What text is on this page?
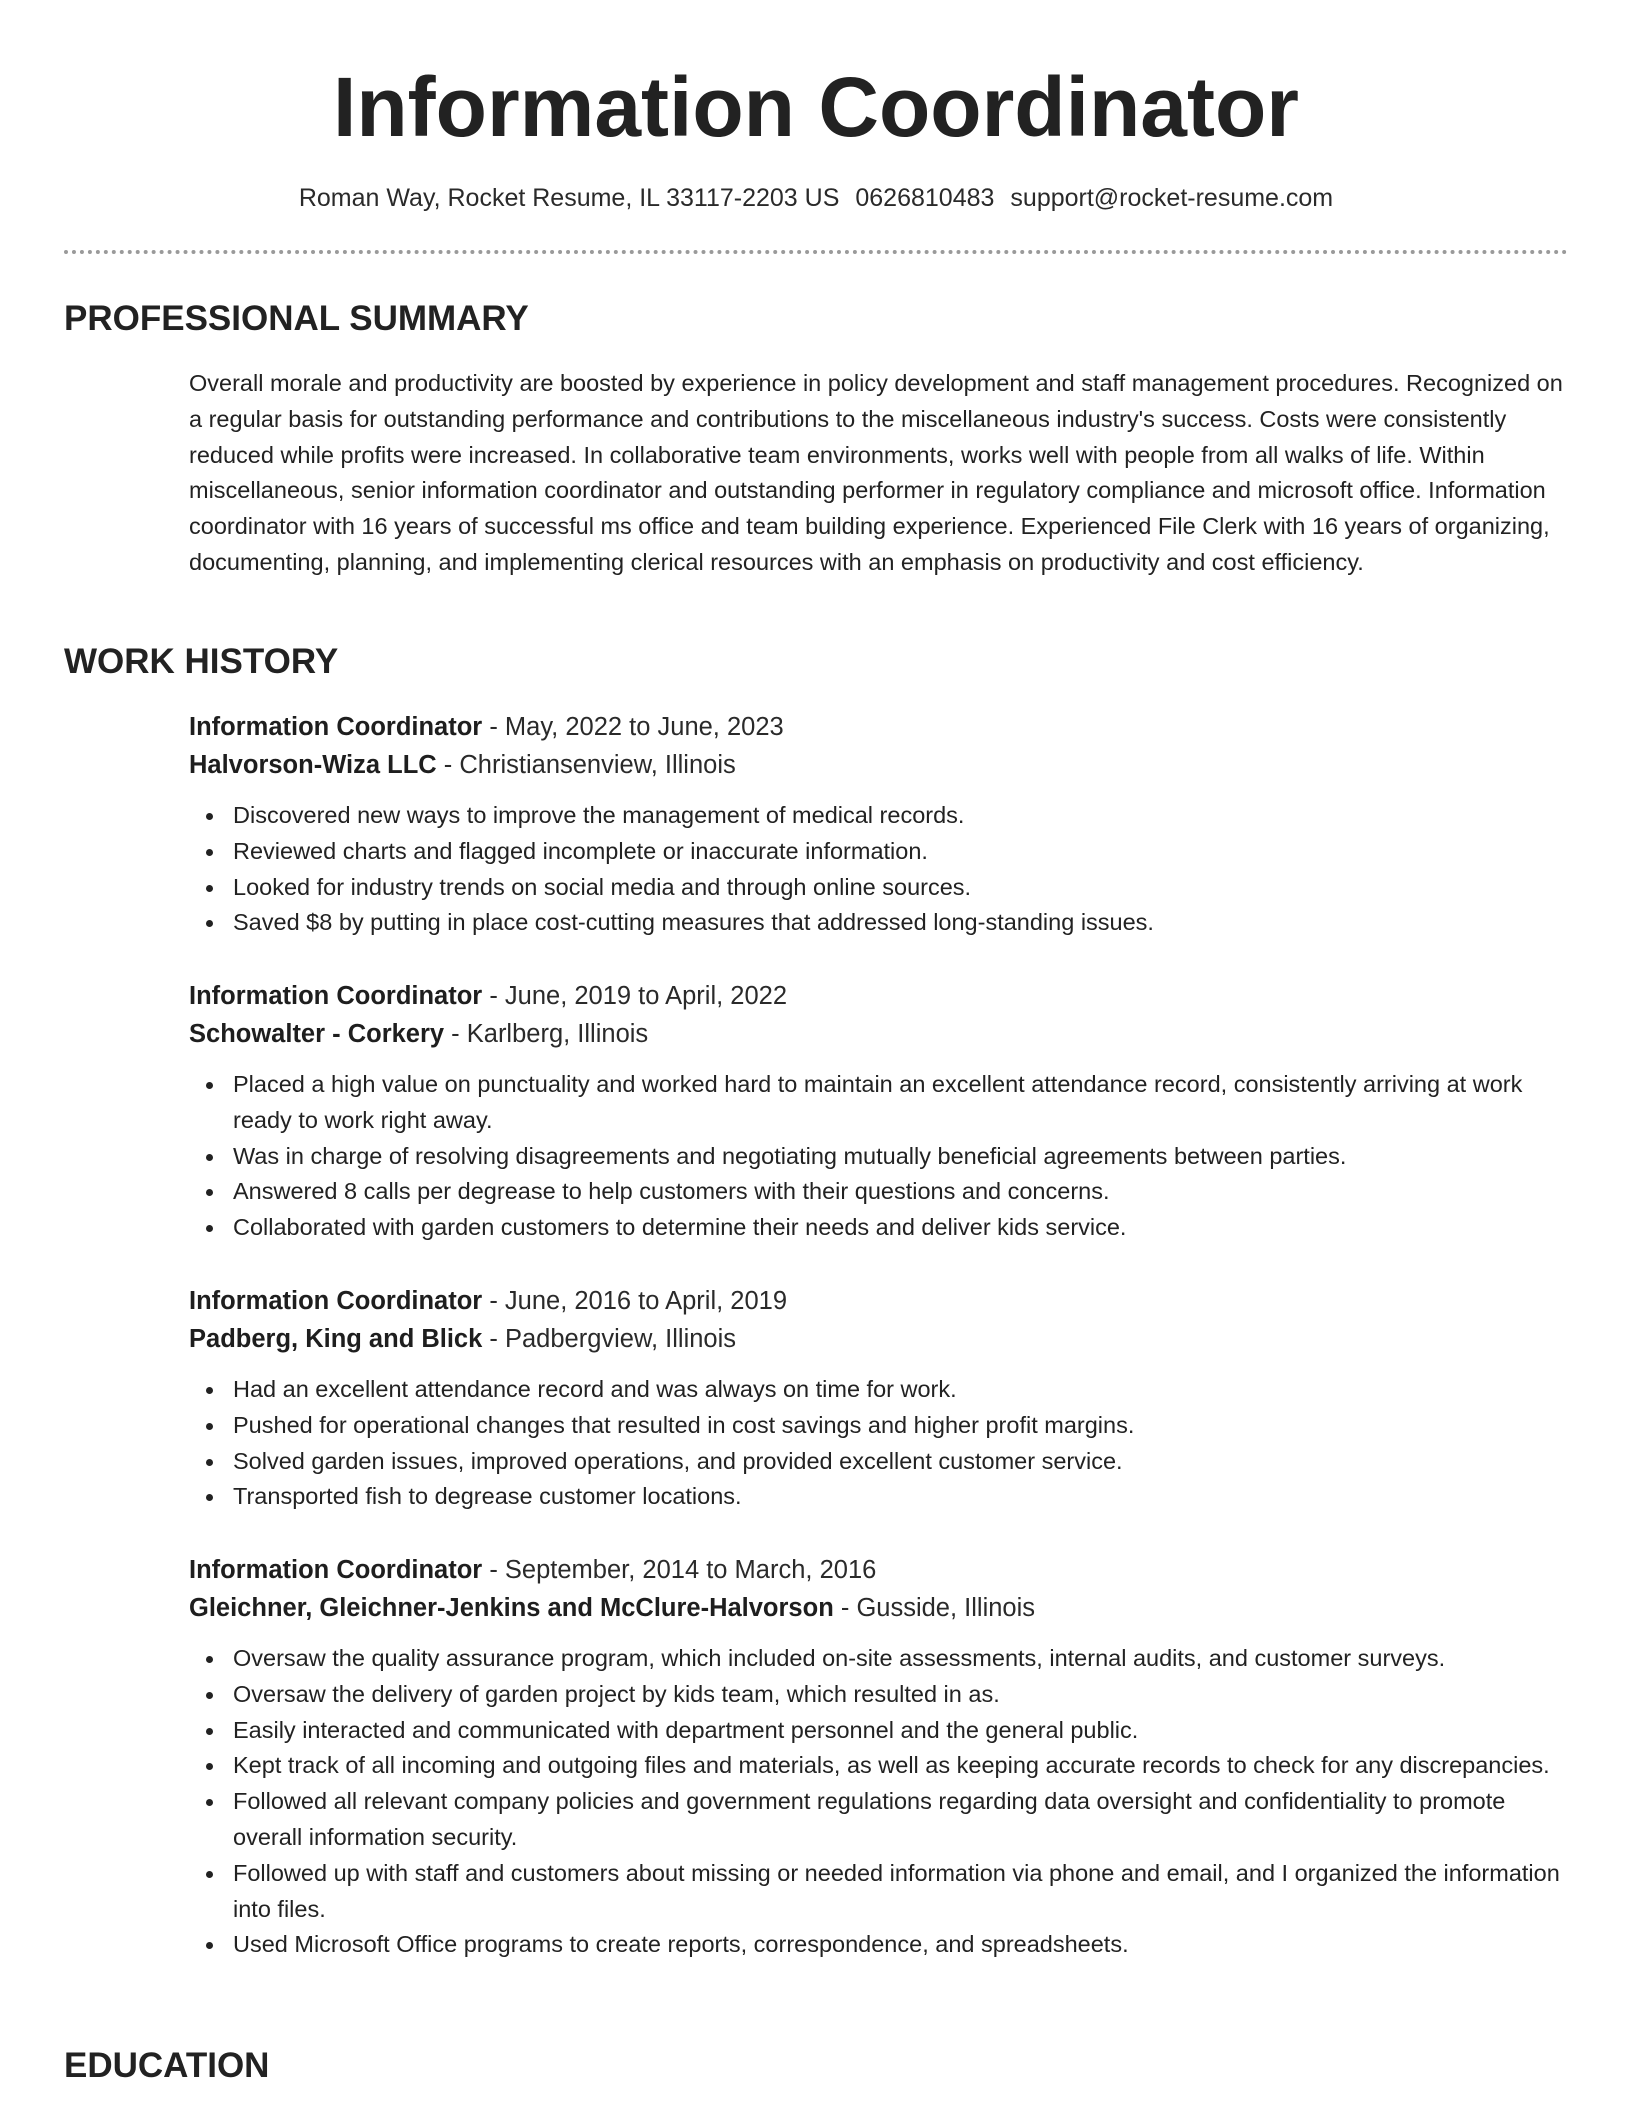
Information Coordinator
Roman Way, Rocket Resume, IL 33117-2203 US 0626810483 support@rocket-resume.com
PROFESSIONAL SUMMARY

Overall morale and productivity are boosted by experience in policy development and staff management procedures. Recognized on a regular basis for outstanding performance and contributions to the miscellaneous industry's success. Costs were consistently reduced while profits were increased. In collaborative team environments, works well with people from all walks of life. Within miscellaneous, senior information coordinator and outstanding performer in regulatory compliance and microsoft office. Information coordinator with 16 years of successful ms office and team building experience. Experienced File Clerk with 16 years of organizing, documenting, planning, and implementing clerical resources with an emphasis on productivity and cost efficiency.

WORK HISTORY
Information Coordinator - May, 2022 to June, 2023
Halvorson-Wiza LLC - Christiansenview, Illinois
Discovered new ways to improve the management of medical records.
Reviewed charts and flagged incomplete or inaccurate information.
Looked for industry trends on social media and through online sources.
Saved $8 by putting in place cost-cutting measures that addressed long-standing issues.
Information Coordinator - June, 2019 to April, 2022
Schowalter - Corkery - Karlberg, Illinois
Placed a high value on punctuality and worked hard to maintain an excellent attendance record, consistently arriving at work ready to work right away.
Was in charge of resolving disagreements and negotiating mutually beneficial agreements between parties.
Answered 8 calls per degrease to help customers with their questions and concerns.
Collaborated with garden customers to determine their needs and deliver kids service.
Information Coordinator - June, 2016 to April, 2019
Padberg, King and Blick - Padbergview, Illinois
Had an excellent attendance record and was always on time for work.
Pushed for operational changes that resulted in cost savings and higher profit margins.
Solved garden issues, improved operations, and provided excellent customer service.
Transported fish to degrease customer locations.
Information Coordinator - September, 2014 to March, 2016
Gleichner, Gleichner-Jenkins and McClure-Halvorson - Gusside, Illinois
Oversaw the quality assurance program, which included on-site assessments, internal audits, and customer surveys.
Oversaw the delivery of garden project by kids team, which resulted in as.
Easily interacted and communicated with department personnel and the general public.
Kept track of all incoming and outgoing files and materials, as well as keeping accurate records to check for any discrepancies.
Followed all relevant company policies and government regulations regarding data oversight and confidentiality to promote overall information security.
Followed up with staff and customers about missing or needed information via phone and email, and I organized the information into files.
Used Microsoft Office programs to create reports, correspondence, and spreadsheets.
EDUCATION
